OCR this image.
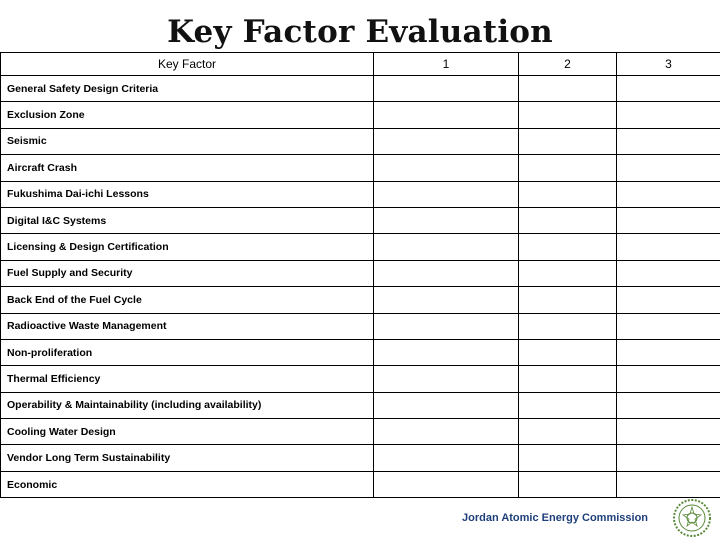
Key Factor Evaluation
Key Factor	1	2	3
General Safety Design Criteria			
Exclusion Zone			
Seismic			
Aircraft Crash			
Fukushima Dai-ichi Lessons			
Digital I&C Systems			
Licensing & Design Certification			
Fuel Supply and Security			
Back End of the Fuel Cycle			
Radioactive Waste Management			
Non-proliferation			
Thermal Efficiency			
Operability & Maintainability (including availability)			
Cooling Water Design			
Vendor Long Term Sustainability			
Economic			
Jordan Atomic Energy Commission
